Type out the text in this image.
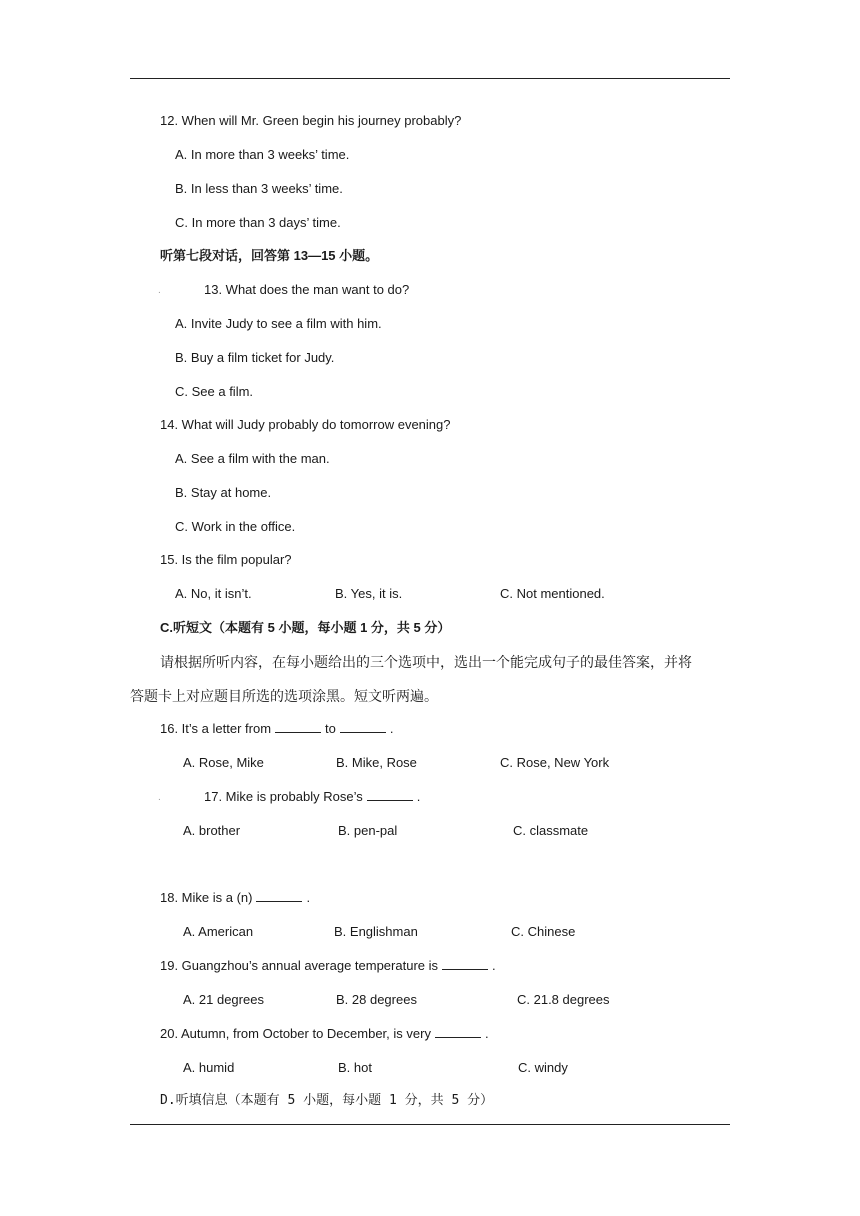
12. When will Mr. Green begin his journey probably?
A. In more than 3 weeks’ time.
B. In less than 3 weeks’ time.
C. In more than 3 days’ time.
听第七段对话，回答第 13—15 小题。
.	13. What does the man want to do?
A. Invite Judy to see a film with him.
B. Buy a film ticket for Judy.
C. See a film.
14. What will Judy probably do tomorrow evening?
A. See a film with the man.
B. Stay at home.
C. Work in the office.
15. Is the film popular?
A. No, it isn’t.	B. Yes, it is.	C. Not mentioned.
C.听短文（本题有 5 小题，每小题 1 分，共 5 分）
请根据所听内容，在每小题给出的三个选项中，选出一个能完成句子的最佳答案，并将
答题卡上对应题目所选的选项涂黑。短文听两遍。
16. It’s a letter from	to	.
A. Rose, Mike	B. Mike, Rose	C. Rose, New York
.	17. Mike is probably Rose’s	.
A. brother	B. pen-pal	C. classmate
18. Mike is a (n)	.
A. American	B. Englishman	C. Chinese
19. Guangzhou’s annual average temperature is	.
A. 21 degrees	B. 28 degrees	C. 21.8 degrees
20. Autumn, from October to December, is very	.
A. humid	B. hot	C. windy
D.听填信息（本题有 5 小题，每小题 1 分，共 5 分）
